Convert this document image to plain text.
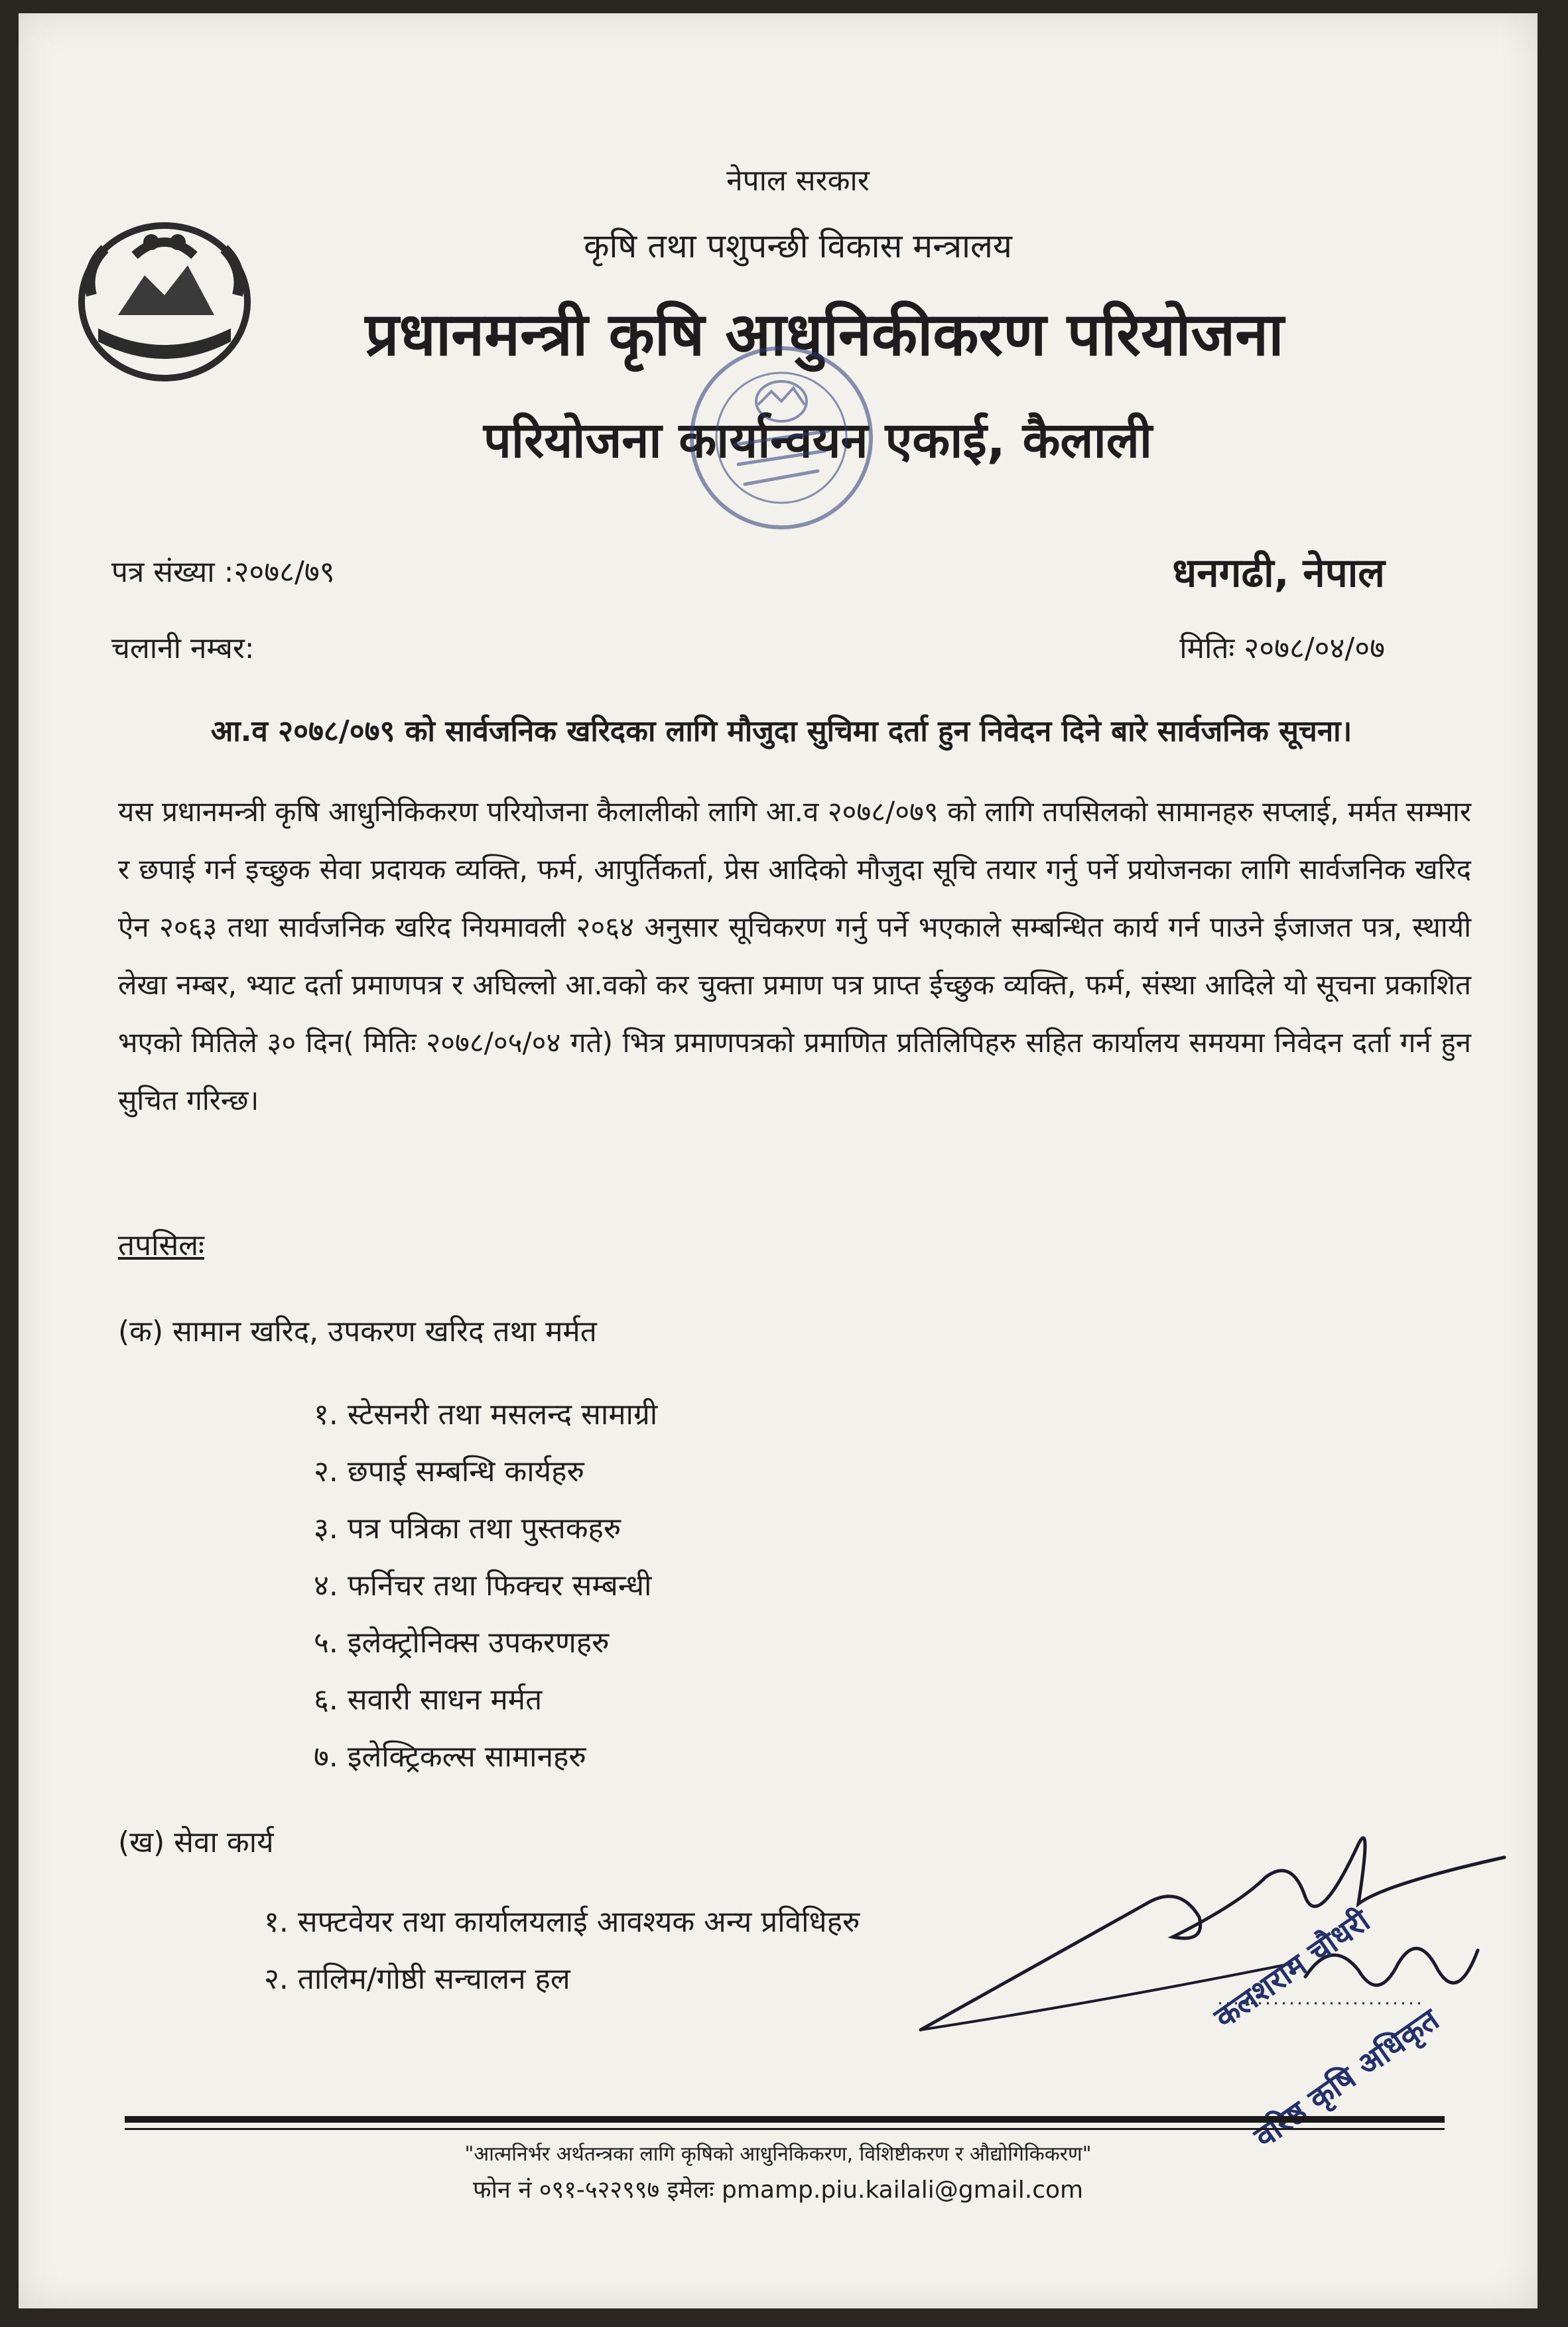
नेपाल सरकार
कृषि तथा पशुपन्छी विकास मन्त्रालय
प्रधानमन्त्री कृषि आधुनिकीकरण परियोजना
परियोजना कार्यान्वयन एकाई, कैलाली
पत्र संख्या :२०७८/७९
चलानी नम्बर:
धनगढी, नेपाल
मितिः २०७८/०४/०७
आ.व २०७८/०७९ को सार्वजनिक खरिदका लागि मौजुदा सुचिमा दर्ता हुन निवेदन दिने बारे सार्वजनिक सूचना।
यस प्रधानमन्त्री कृषि आधुनिकिकरण परियोजना कैलालीको लागि आ.व २०७८/०७९ को लागि तपसिलको सामानहरु सप्लाई, मर्मत सम्भार र छपाई गर्न इच्छुक सेवा प्रदायक व्यक्ति, फर्म, आपुर्तिकर्ता, प्रेस आदिको मौजुदा सूचि तयार गर्नु पर्ने प्रयोजनका लागि सार्वजनिक खरिद ऐन २०६३ तथा सार्वजनिक खरिद नियमावली २०६४ अनुसार सूचिकरण गर्नु पर्ने भएकाले सम्बन्धित कार्य गर्न पाउने ईजाजत पत्र, स्थायी लेखा नम्बर, भ्याट दर्ता प्रमाणपत्र र अघिल्लो आ.वको कर चुक्ता प्रमाण पत्र प्राप्त ईच्छुक व्यक्ति, फर्म, संस्था आदिले यो सूचना प्रकाशित भएको मितिले ३० दिन( मितिः २०७८/०५/०४ गते) भित्र प्रमाणपत्रको प्रमाणित प्रतिलिपिहरु सहित कार्यालय समयमा निवेदन दर्ता गर्न हुन सुचित गरिन्छ।
तपसिलः
(क) सामान खरिद, उपकरण खरिद तथा मर्मत
१. स्टेसनरी तथा मसलन्द सामाग्री
२. छपाई सम्बन्धि कार्यहरु
३. पत्र पत्रिका तथा पुस्तकहरु
४. फर्निचर तथा फिक्चर सम्बन्धी
५. इलेक्ट्रोनिक्स उपकरणहरु
६. सवारी साधन मर्मत
७. इलेक्ट्रिकल्स सामानहरु
(ख) सेवा कार्य
१. सफ्टवेयर तथा कार्यालयलाई आवश्यक अन्य प्रविधिहरु
२. तालिम/गोष्ठी सन्चालन हल	कलशराम चौधरी
वरिष्ठ कृषि अधिकृत
"आत्मनिर्भर अर्थतन्त्रका लागि कृषिको आधुनिकिकरण, विशिष्टीकरण र औद्योगिकिकरण"
फोन नं ०९१-५२२९९७ इमेलः pmamp.piu.kailali@gmail.com
